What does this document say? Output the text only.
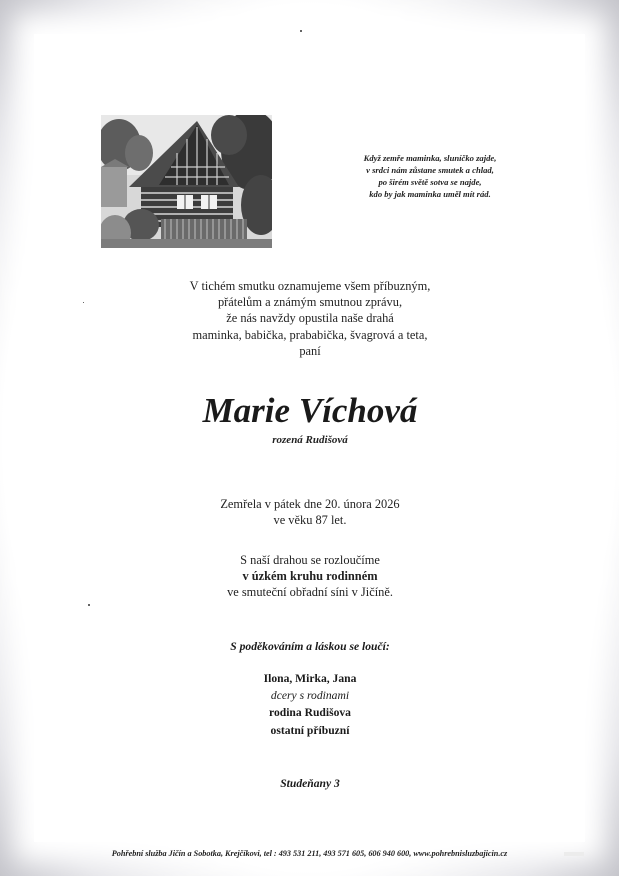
Když zemře maminka, sluníčko zajde,
v srdci nám zůstane smutek a chlad,
po širém světě sotva se najde,
kdo by jak maminka uměl mít rád.
V tichém smutku oznamujeme všem příbuzným,
přátelům a známým smutnou zprávu,
že nás navždy opustila naše drahá
maminka, babička, prababička, švagrová a teta,
paní
Marie Víchová
rozená Rudišová
Zemřela v pátek dne 20. února 2026
ve věku 87 let.
S naší drahou se rozloučíme
v úzkém kruhu rodinném
ve smuteční obřadní síni v Jičíně.
S poděkováním a láskou se loučí:
Ilona, Mirka, Jana
dcery s rodinami
rodina Rudišova
ostatní příbuzní
Studeňany 3
Pohřební služba Jičín a Sobotka, Krejčíkovi, tel : 493 531 211, 493 571 605, 606 940 600, www.pohrebnisluzbajicin.cz
